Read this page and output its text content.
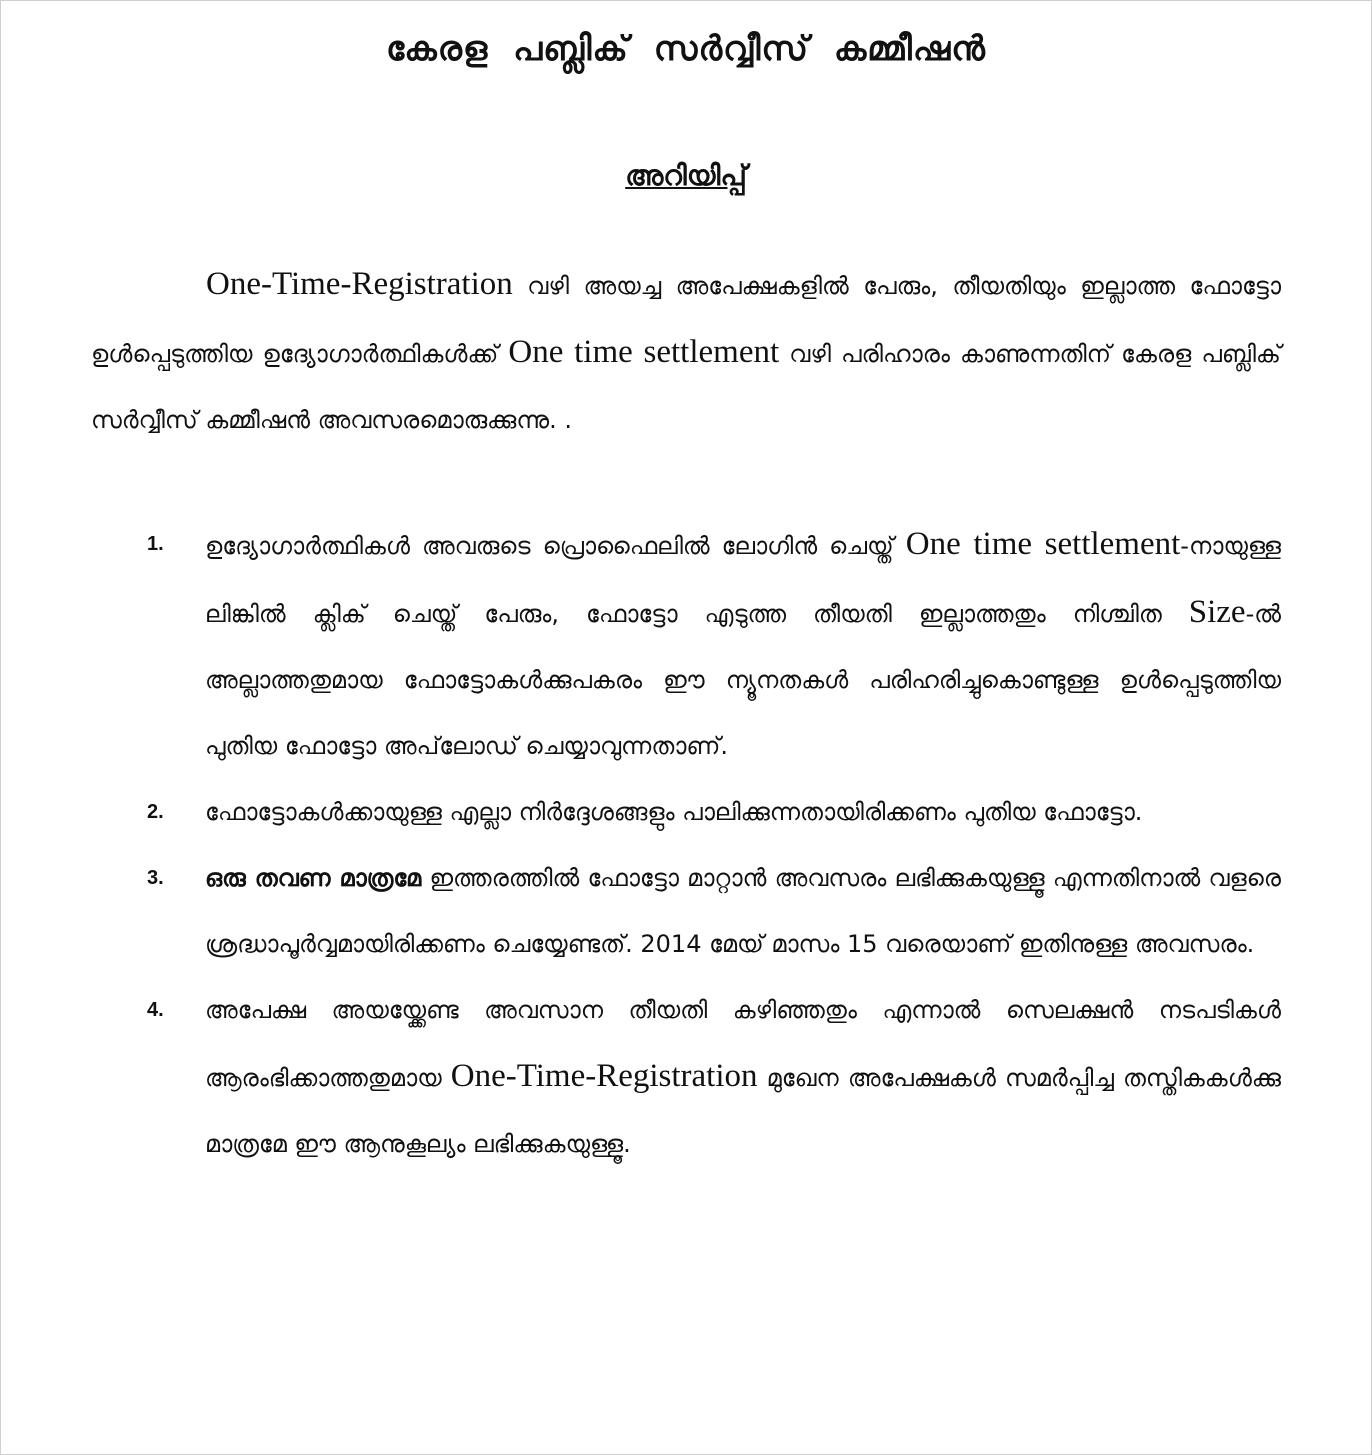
കേരള പബ്ലിക് സർവ്വീസ് കമ്മീഷൻ
അറിയിപ്പ്
One-Time-Registration വഴി അയച്ച അപേക്ഷകളിൽ പേരും, തീയതിയും ഇല്ലാത്ത ഫോട്ടോ ഉൾപ്പെടുത്തിയ ഉദ്യോഗാർത്ഥികൾക്ക് One time settlement വഴി പരിഹാരം കാണുന്നതിന് കേരള പബ്ലിക് സർവ്വീസ് കമ്മീഷൻ അവസരമൊരുക്കുന്നു. .
1. ഉദ്യോഗാർത്ഥികൾ അവരുടെ പ്രൊഫൈലിൽ ലോഗിൻ ചെയ്ത് One time settlement-നായുള്ള ലിങ്കിൽ ക്ലിക് ചെയ്ത് പേരും, ഫോട്ടോ എടുത്ത തീയതി ഇല്ലാത്തതും നിശ്ചിത Size-ൽ അല്ലാത്തതുമായ ഫോട്ടോകൾക്കുപകരം ഈ ന്യൂനതകൾ പരിഹരിച്ചുകൊണ്ടുള്ള ഉൾപ്പെടുത്തിയ പുതിയ ഫോട്ടോ അപ്‌ലോഡ് ചെയ്യാവുന്നതാണ്.
2. ഫോട്ടോകൾക്കായുള്ള എല്ലാ നിർദ്ദേശങ്ങളും പാലിക്കുന്നതായിരിക്കണം പുതിയ ഫോട്ടോ.
3. ഒരു തവണ മാത്രമേ ഇത്തരത്തിൽ ഫോട്ടോ മാറ്റാൻ അവസരം ലഭിക്കുകയുള്ളൂ എന്നതിനാൽ വളരെ ശ്രദ്ധാപൂർവ്വമായിരിക്കണം ചെയ്യേണ്ടത്. 2014 മേയ് മാസം 15 വരെയാണ് ഇതിനുള്ള അവസരം.
4. അപേക്ഷ അയയ്ക്കേണ്ട അവസാന തീയതി കഴിഞ്ഞതും എന്നാൽ സെലക്ഷൻ നടപടികൾ ആരംഭിക്കാത്തതുമായ One-Time-Registration മുഖേന അപേക്ഷകൾ സമർപ്പിച്ച തസ്തികകൾക്കു മാത്രമേ ഈ ആനുകൂല്യം ലഭിക്കുകയുള്ളൂ.
